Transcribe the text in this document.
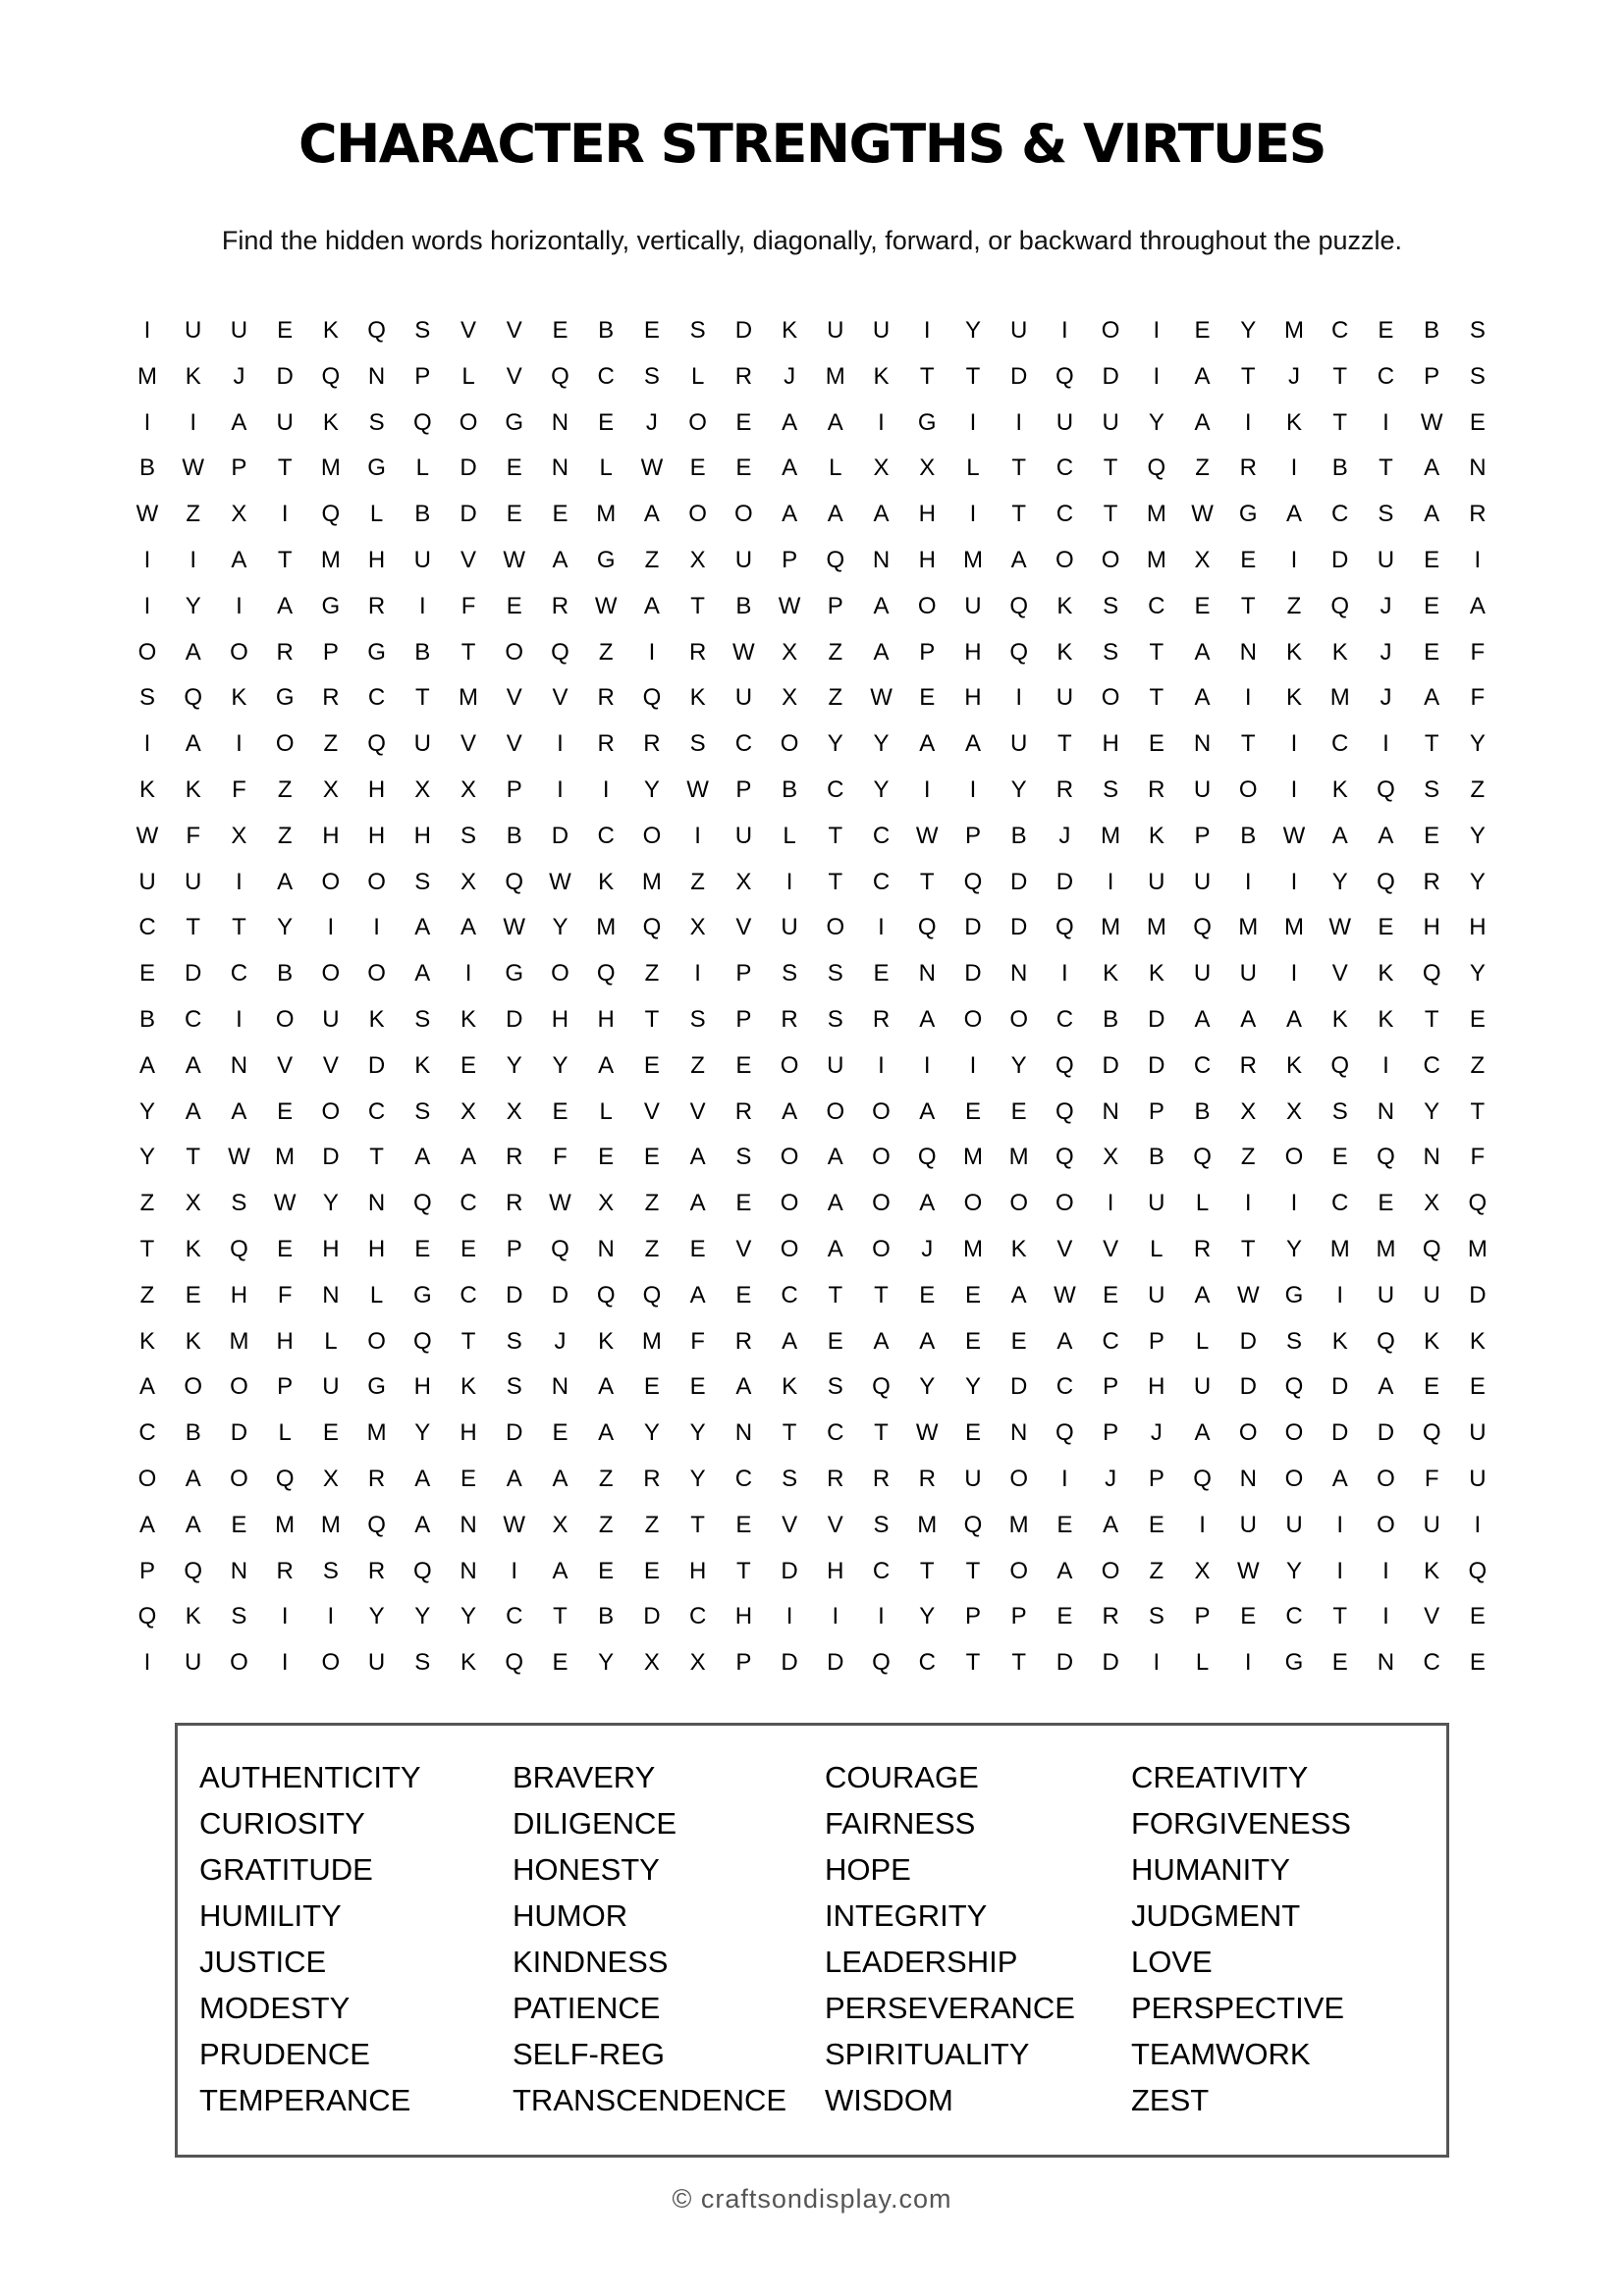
CHARACTER STRENGTHS & VIRTUES
Find the hidden words horizontally, vertically, diagonally, forward, or backward throughout the puzzle.
I	U	U	E	K	Q	S	V	V	E	B	E	S	D	K	U	U	I	Y	U	I	O	I	E	Y	M	C	E	B	S
M	K	J	D	Q	N	P	L	V	Q	C	S	L	R	J	M	K	T	T	D	Q	D	I	A	T	J	T	C	P	S
I	I	A	U	K	S	Q	O	G	N	E	J	O	E	A	A	I	G	I	I	U	U	Y	A	I	K	T	I	W	E
B	W	P	T	M	G	L	D	E	N	L	W	E	E	A	L	X	X	L	T	C	T	Q	Z	R	I	B	T	A	N
W	Z	X	I	Q	L	B	D	E	E	M	A	O	O	A	A	A	H	I	T	C	T	M	W	G	A	C	S	A	R
I	I	A	T	M	H	U	V	W	A	G	Z	X	U	P	Q	N	H	M	A	O	O	M	X	E	I	D	U	E	I
I	Y	I	A	G	R	I	F	E	R	W	A	T	B	W	P	A	O	U	Q	K	S	C	E	T	Z	Q	J	E	A
O	A	O	R	P	G	B	T	O	Q	Z	I	R	W	X	Z	A	P	H	Q	K	S	T	A	N	K	K	J	E	F
S	Q	K	G	R	C	T	M	V	V	R	Q	K	U	X	Z	W	E	H	I	U	O	T	A	I	K	M	J	A	F
I	A	I	O	Z	Q	U	V	V	I	R	R	S	C	O	Y	Y	A	A	U	T	H	E	N	T	I	C	I	T	Y
K	K	F	Z	X	H	X	X	P	I	I	Y	W	P	B	C	Y	I	I	Y	R	S	R	U	O	I	K	Q	S	Z
W	F	X	Z	H	H	H	S	B	D	C	O	I	U	L	T	C	W	P	B	J	M	K	P	B	W	A	A	E	Y
U	U	I	A	O	O	S	X	Q	W	K	M	Z	X	I	T	C	T	Q	D	D	I	U	U	I	I	Y	Q	R	Y
C	T	T	Y	I	I	A	A	W	Y	M	Q	X	V	U	O	I	Q	D	D	Q	M	M	Q	M	M	W	E	H	H
E	D	C	B	O	O	A	I	G	O	Q	Z	I	P	S	S	E	N	D	N	I	K	K	U	U	I	V	K	Q	Y
B	C	I	O	U	K	S	K	D	H	H	T	S	P	R	S	R	A	O	O	C	B	D	A	A	A	K	K	T	E
A	A	N	V	V	D	K	E	Y	Y	A	E	Z	E	O	U	I	I	I	Y	Q	D	D	C	R	K	Q	I	C	Z
Y	A	A	E	O	C	S	X	X	E	L	V	V	R	A	O	O	A	E	E	Q	N	P	B	X	X	S	N	Y	T
Y	T	W	M	D	T	A	A	R	F	E	E	A	S	O	A	O	Q	M	M	Q	X	B	Q	Z	O	E	Q	N	F
Z	X	S	W	Y	N	Q	C	R	W	X	Z	A	E	O	A	O	A	O	O	O	I	U	L	I	I	C	E	X	Q
T	K	Q	E	H	H	E	E	P	Q	N	Z	E	V	O	A	O	J	M	K	V	V	L	R	T	Y	M	M	Q	M
Z	E	H	F	N	L	G	C	D	D	Q	Q	A	E	C	T	T	E	E	A	W	E	U	A	W	G	I	U	U	D
K	K	M	H	L	O	Q	T	S	J	K	M	F	R	A	E	A	A	E	E	A	C	P	L	D	S	K	Q	K	K
A	O	O	P	U	G	H	K	S	N	A	E	E	A	K	S	Q	Y	Y	D	C	P	H	U	D	Q	D	A	E	E
C	B	D	L	E	M	Y	H	D	E	A	Y	Y	N	T	C	T	W	E	N	Q	P	J	A	O	O	D	D	Q	U
O	A	O	Q	X	R	A	E	A	A	Z	R	Y	C	S	R	R	R	U	O	I	J	P	Q	N	O	A	O	F	U
A	A	E	M	M	Q	A	N	W	X	Z	Z	T	E	V	V	S	M	Q	M	E	A	E	I	U	U	I	O	U	I
P	Q	N	R	S	R	Q	N	I	A	E	E	H	T	D	H	C	T	T	O	A	O	Z	X	W	Y	I	I	K	Q
Q	K	S	I	I	Y	Y	Y	C	T	B	D	C	H	I	I	I	Y	P	P	E	R	S	P	E	C	T	I	V	E
I	U	O	I	O	U	S	K	Q	E	Y	X	X	P	D	D	Q	C	T	T	D	D	I	L	I	G	E	N	C	E
AUTHENTICITY	BRAVERY	COURAGE	CREATIVITY
CURIOSITY	DILIGENCE	FAIRNESS	FORGIVENESS
GRATITUDE	HONESTY	HOPE	HUMANITY
HUMILITY	HUMOR	INTEGRITY	JUDGMENT
JUSTICE	KINDNESS	LEADERSHIP	LOVE
MODESTY	PATIENCE	PERSEVERANCE PERSPECTIVE
PRUDENCE	SELF-REG	SPIRITUALITY	TEAMWORK
TEMPERANCE	TRANSCENDENCE WISDOM	ZEST
© craftsondisplay.com
